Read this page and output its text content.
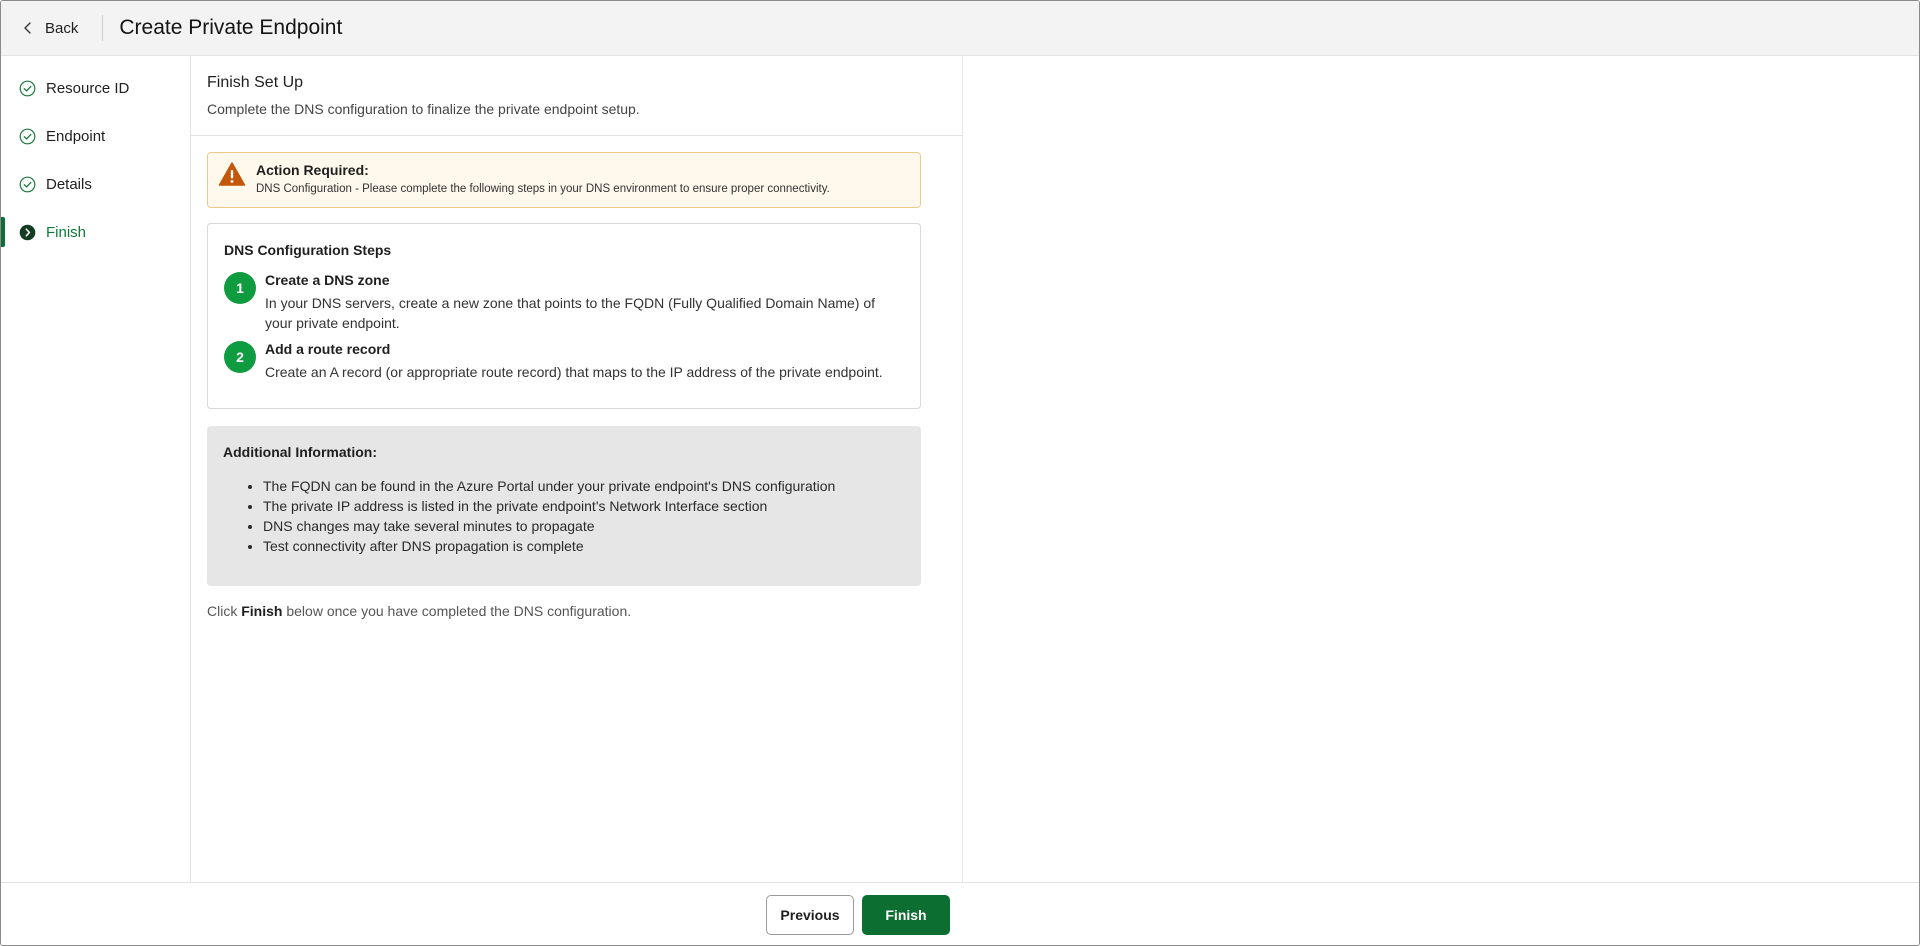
Back Create Private Endpoint
Resource ID
Endpoint
Details
Finish
Finish Set Up
Complete the DNS configuration to finalize the private endpoint setup.
Action Required:
DNS Configuration - Please complete the following steps in your DNS environment to ensure proper connectivity.
DNS Configuration Steps
1	Create a DNS zone
In your DNS servers, create a new zone that points to the FQDN (Fully Qualified Domain Name) of your private endpoint.
2	Add a route record
Create an A record (or appropriate route record) that maps to the IP address of the private endpoint.
Additional Information:
• The FQDN can be found in the Azure Portal under your private endpoint's DNS configuration
• The private IP address is listed in the private endpoint's Network Interface section
• DNS changes may take several minutes to propagate
• Test connectivity after DNS propagation is complete

Click Finish below once you have completed the DNS configuration.

Previous	Finish
